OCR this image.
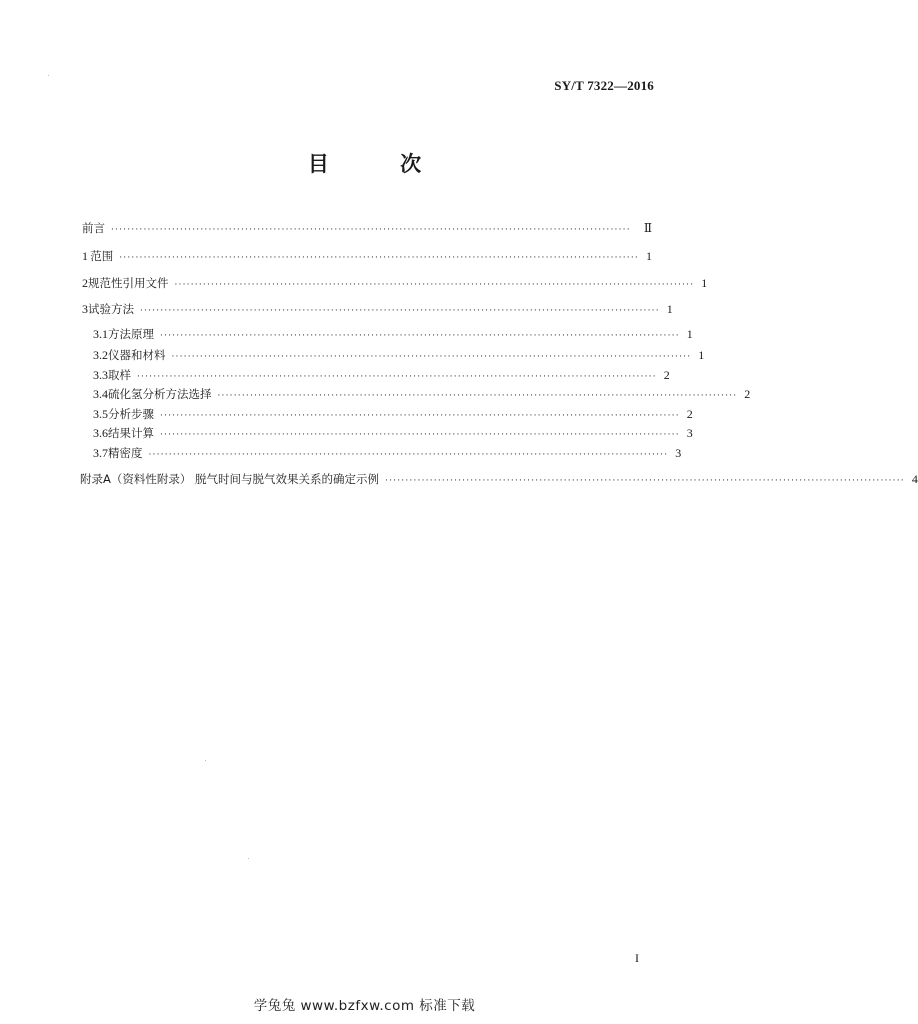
SY/T 7322—2016
目 次
前言 ································································································································	Ⅱ
1 范围 ································································································································ 1
2 规范性引用文件 ································································································································ 1
3 试验方法 ································································································································ 1
3.1 方法原理 ································································································································ 1
3.2 仪器和材料 ································································································································ 1
3.3 取样 ································································································································ 2
3.4 硫化氢分析方法选择 ································································································································ 2
3.5 分析步骤 ································································································································ 2
3.6 结果计算 ································································································································ 3
3.7 精密度 ································································································································ 3
附录A（资料性附录） 脱气时间与脱气效果关系的确定示例 ································································································································ 4
I
学兔兔 www.bzfxw.com 标准下载
